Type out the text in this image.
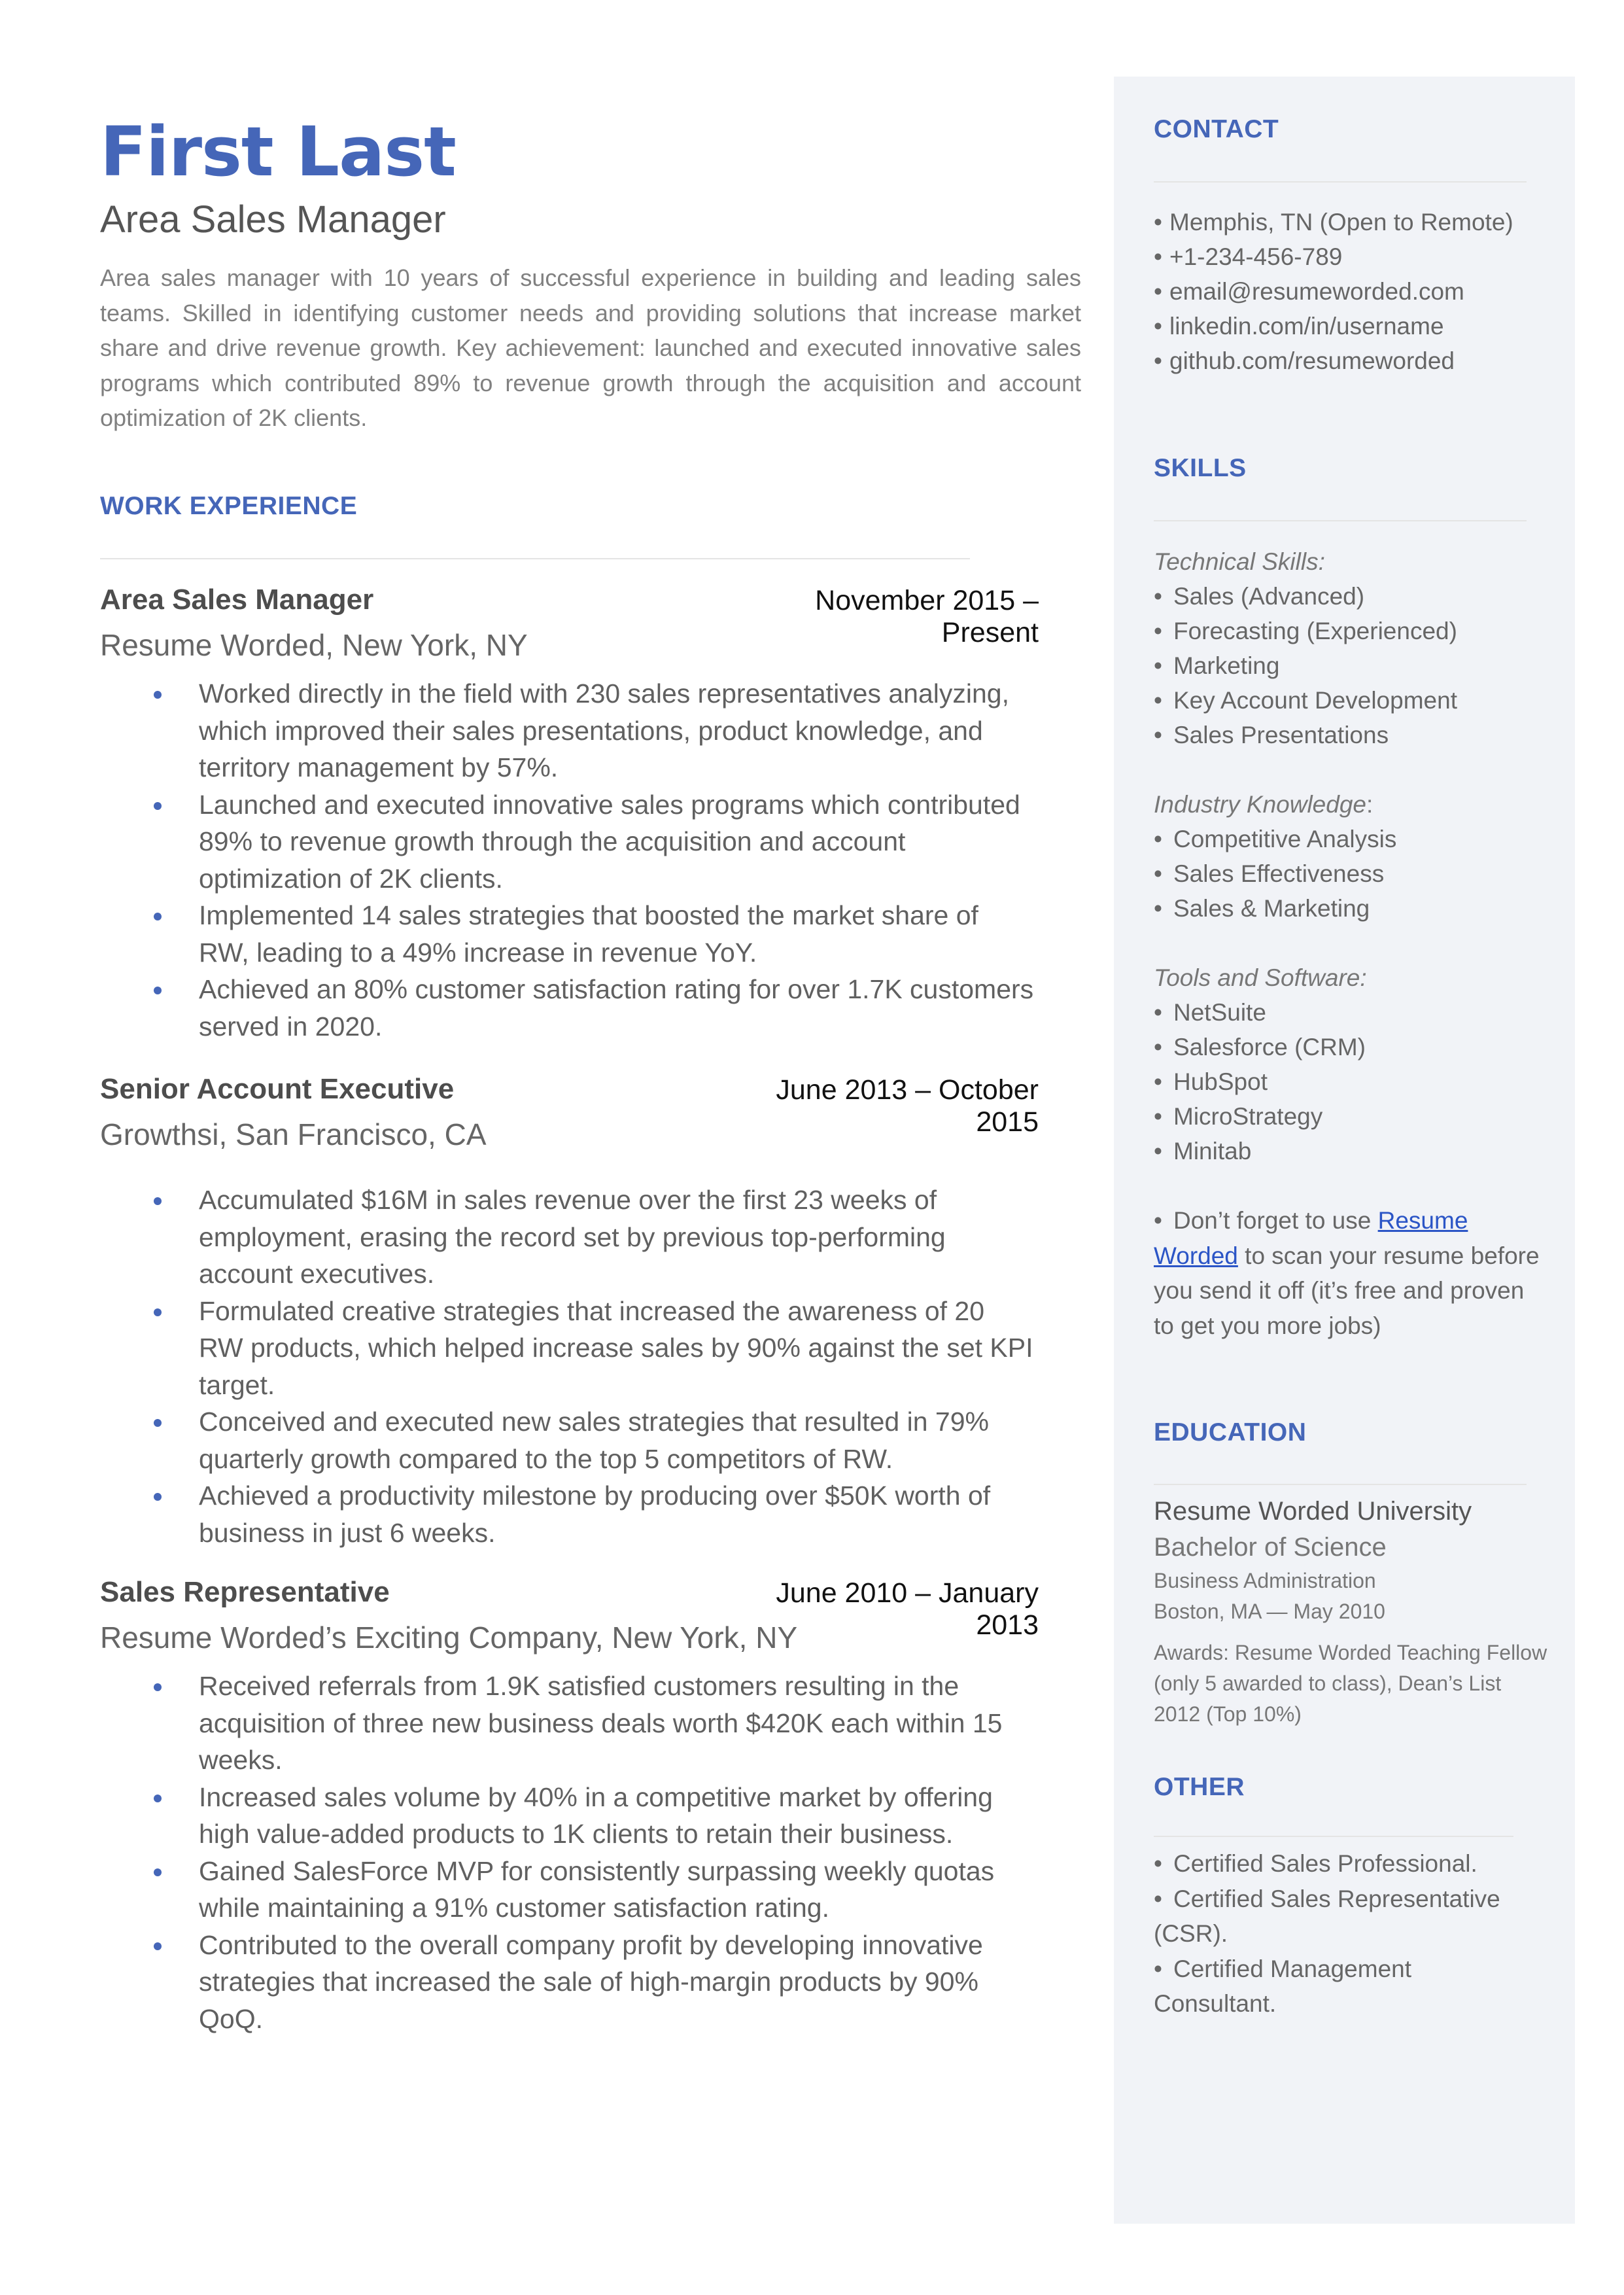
First Last
Area Sales Manager
Area sales manager with 10 years of successful experience in building and leading sales teams. Skilled in identifying customer needs and providing solutions that increase market share and drive revenue growth. Key achievement: launched and executed innovative sales programs which contributed 89% to revenue growth through the acquisition and account optimization of 2K clients.
WORK EXPERIENCE
Area Sales Manager	November 2015 – Present
Resume Worded, New York, NY
Worked directly in the field with 230 sales representatives analyzing, which improved their sales presentations, product knowledge, and territory management by 57%.
Launched and executed innovative sales programs which contributed 89% to revenue growth through the acquisition and account optimization of 2K clients.
Implemented 14 sales strategies that boosted the market share of RW, leading to a 49% increase in revenue YoY.
Achieved an 80% customer satisfaction rating for over 1.7K customers served in 2020.
Senior Account Executive	June 2013 – October 2015
Growthsi, San Francisco, CA
Accumulated $16M in sales revenue over the first 23 weeks of employment, erasing the record set by previous top-performing account executives.
Formulated creative strategies that increased the awareness of 20 RW products, which helped increase sales by 90% against the set KPI target.
Conceived and executed new sales strategies that resulted in 79% quarterly growth compared to the top 5 competitors of RW.
Achieved a productivity milestone by producing over $50K worth of business in just 6 weeks.
Sales Representative	June 2010 – January 2013
Resume Worded’s Exciting Company, New York, NY
Received referrals from 1.9K satisfied customers resulting in the acquisition of three new business deals worth $420K each within 15 weeks.
Increased sales volume by 40% in a competitive market by offering high value-added products to 1K clients to retain their business.
Gained SalesForce MVP for consistently surpassing weekly quotas while maintaining a 91% customer satisfaction rating.
Contributed to the overall company profit by developing innovative strategies that increased the sale of high-margin products by 90% QoQ.
CONTACT
• Memphis, TN (Open to Remote)
• +1-234-456-789
• email@resumeworded.com
• linkedin.com/in/username
• github.com/resumeworded
SKILLS
Technical Skills:
• Sales (Advanced)
• Forecasting (Experienced)
• Marketing
• Key Account Development
• Sales Presentations
Industry Knowledge:
• Competitive Analysis
• Sales Effectiveness
• Sales & Marketing
Tools and Software:
• NetSuite
• Salesforce (CRM)
• HubSpot
• MicroStrategy
• Minitab
• Don’t forget to use Resume Worded to scan your resume before you send it off (it’s free and proven to get you more jobs)
EDUCATION
Resume Worded University
Bachelor of Science
Business Administration
Boston, MA — May 2010
Awards: Resume Worded Teaching Fellow (only 5 awarded to class), Dean’s List 2012 (Top 10%)
OTHER
• Certified Sales Professional.
• Certified Sales Representative (CSR).
• Certified Management Consultant.
